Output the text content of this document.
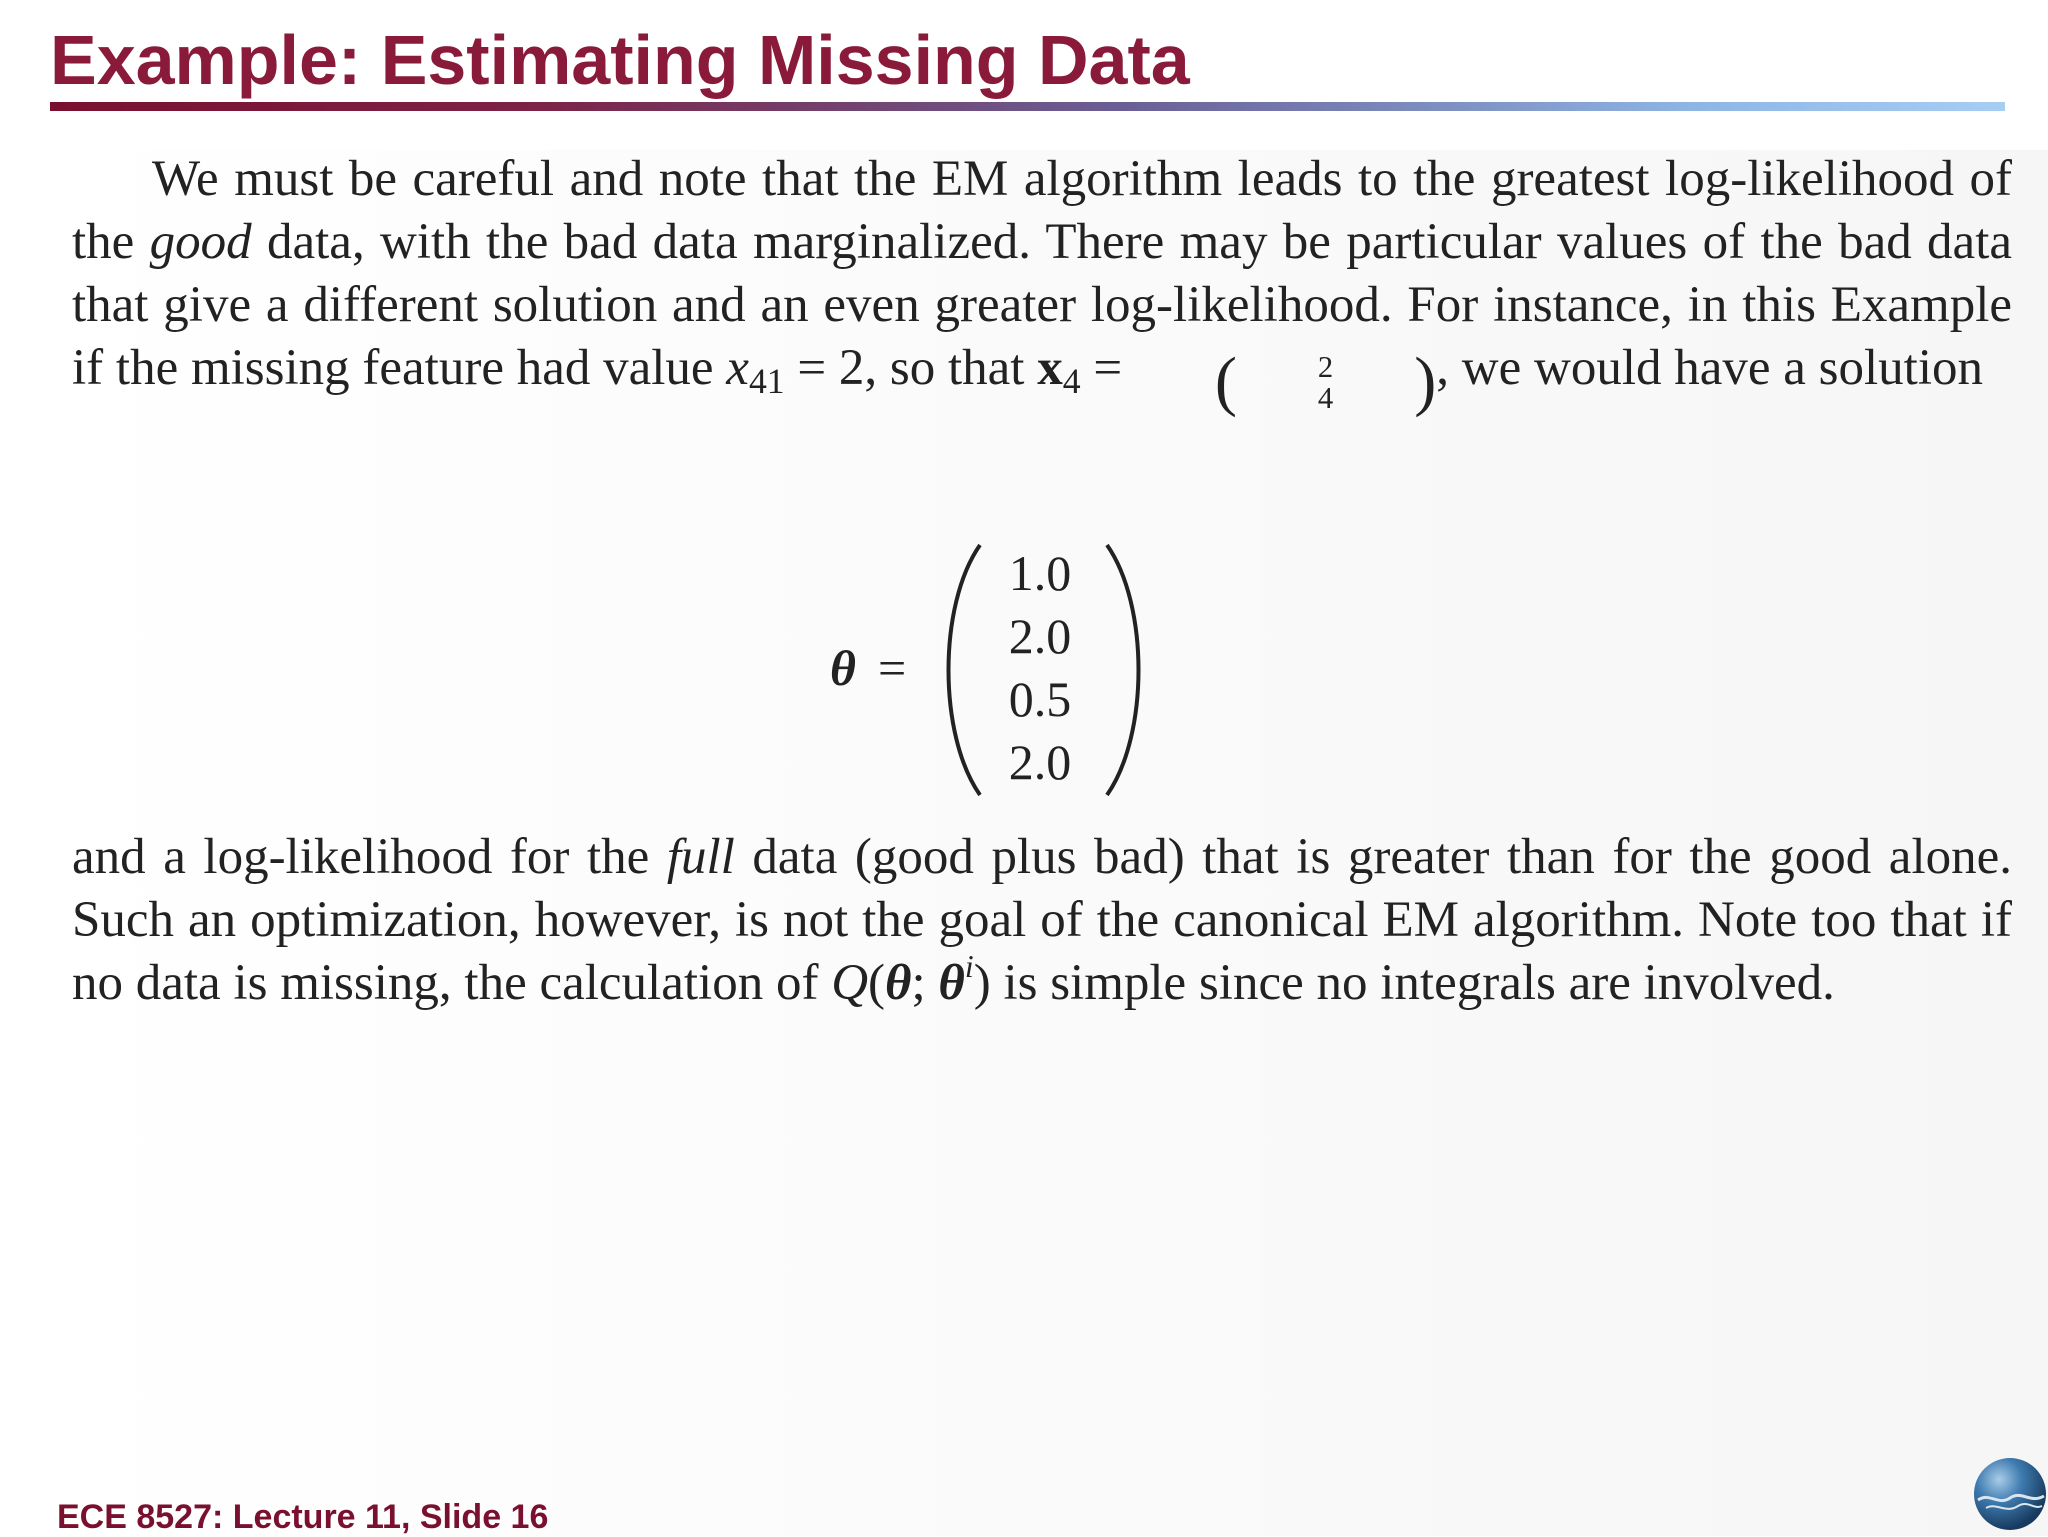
Example: Estimating Missing Data

We must be careful and note that the EM algorithm leads to the greatest log-likelihood of the good data, with the bad data marginalized. There may be particular values of the bad data that give a different solution and an even greater log-likelihood. For instance, in this Example if the missing feature had value $x_{41} = 2$, so that $x_4$ =	(	2
4	) , we would have a solution

θ =
1.0
2.0
0.5
2.0

and a log-likelihood for the full data (good plus bad) that is greater than for the good alone. Such an optimization, however, is not the goal of the canonical EM algorithm. Note too that if no data is missing, the calculation of Q(θ; $\theta^i$) is simple since no integrals are involved.

ECE 8527: Lecture 11, Slide 16
